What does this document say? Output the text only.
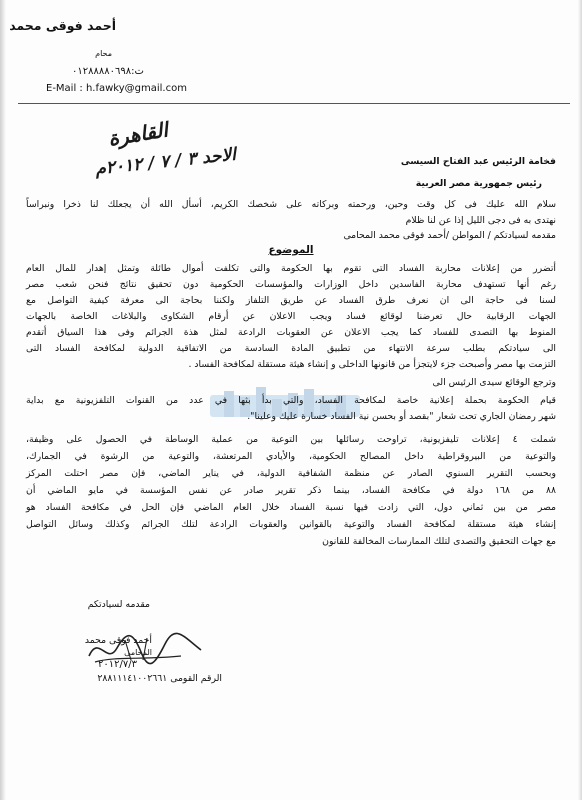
أحمد فوقى محمد
محام
ت:٠١٢٨٨٨٨٠٦٩٨
E-Mail : h.fawky@gmail.com
القاهرة
الاحد ٣ / ٧ / ٢٠١٢م	فخامة الرئيس عبد الفتاح السيسى
رئيس جمهورية مصر العربية
سلام الله عليك فى كل وقت وحين، ورحمته وبركاته على شخصك الكريم، أسأل الله أن يجعلك لنا ذخرا ونبراساً
نهتدى به فى دجى الليل إذا عن لنا ظلام
مقدمه لسيادتكم / المواطن /أحمد فوقى محمد المحامى
الموضوع
أتضرر من إعلانات محاربة الفساد التى تقوم بها الحكومة والتى تكلفت أموال طائلة وتمثل إهدار للمال العام
رغم أنها تستهدف محاربة الفاسدين داخل الوزارات والمؤسسات الحكومية دون تحقيق نتائج فنحن شعب مصر
لسنا فى حاجة الى ان نعرف طرق الفساد عن طريق التلفاز ولكننا بحاجة الى معرفة كيفية التواصل مع
الجهات الرقابية حال تعرضنا لوقائع فساد ويجب الاعلان عن أرقام الشكاوى والبلاغات الخاصة بالجهات
المنوط بها التصدى للفساد كما يجب الاعلان عن العقوبات الرادعة لمثل هذة الجرائم وفى هذا السياق أتقدم
الى سيادتكم بطلب سرعة الانتهاء من تطبيق المادة السادسة من الاتفاقية الدولية لمكافحة الفساد التى
التزمت بها مصر وأصبحت جزء لايتجزأ من قانونها الداخلى و إنشاء هيئة مستقلة لمكافحة الفساد .
وترجع الوقائع سيدى الرئيس الى
قيام الحكومة بحملة إعلانية خاصة لمكافحة الفساد، والتي بدأ بثها في عدد من القنوات التلفزيونية مع بداية
شهر رمضان الجاري تحت شعار "بقصد أو بحسن نية الفساد خسارة عليك وعلينا".
شملت ٤ إعلانات تليفزيونية، تراوحت رسائلها بين التوعية من عملية الوساطة في الحصول على وظيفة،
والتوعية من البيروقراطية داخل المصالح الحكومية، والأيادي المرتعشة، والتوعية من الرشوة في الجمارك،
وبحسب التقرير السنوي الصادر عن منظمة الشفافية الدولية، في يناير الماضي، فإن مصر احتلت المركز
٨٨ من ١٦٨ دولة في مكافحة الفساد، بينما ذكر تقرير صادر عن نفس المؤسسة في مايو الماضي أن
مصر من بين ثماني دول، التي زادت فيها نسبة الفساد خلال العام الماضي فإن الحل في مكافحة الفساد هو
إنشاء هيئة مستقلة لمكافحة الفساد والتوعية بالقوانين والعقوبات الرادعة لتلك الجرائم وكذلك وسائل التواصل
مع جهات التحقيق والتصدى لتلك الممارسات المخالفة للقانون
مقدمه لسيادتكم
أحمد فوقى محمد
المحامى
٢٠١٢/٧/٣
الرقم القومى ٢٨٨١١١٤١٠٠٢٦٦١
